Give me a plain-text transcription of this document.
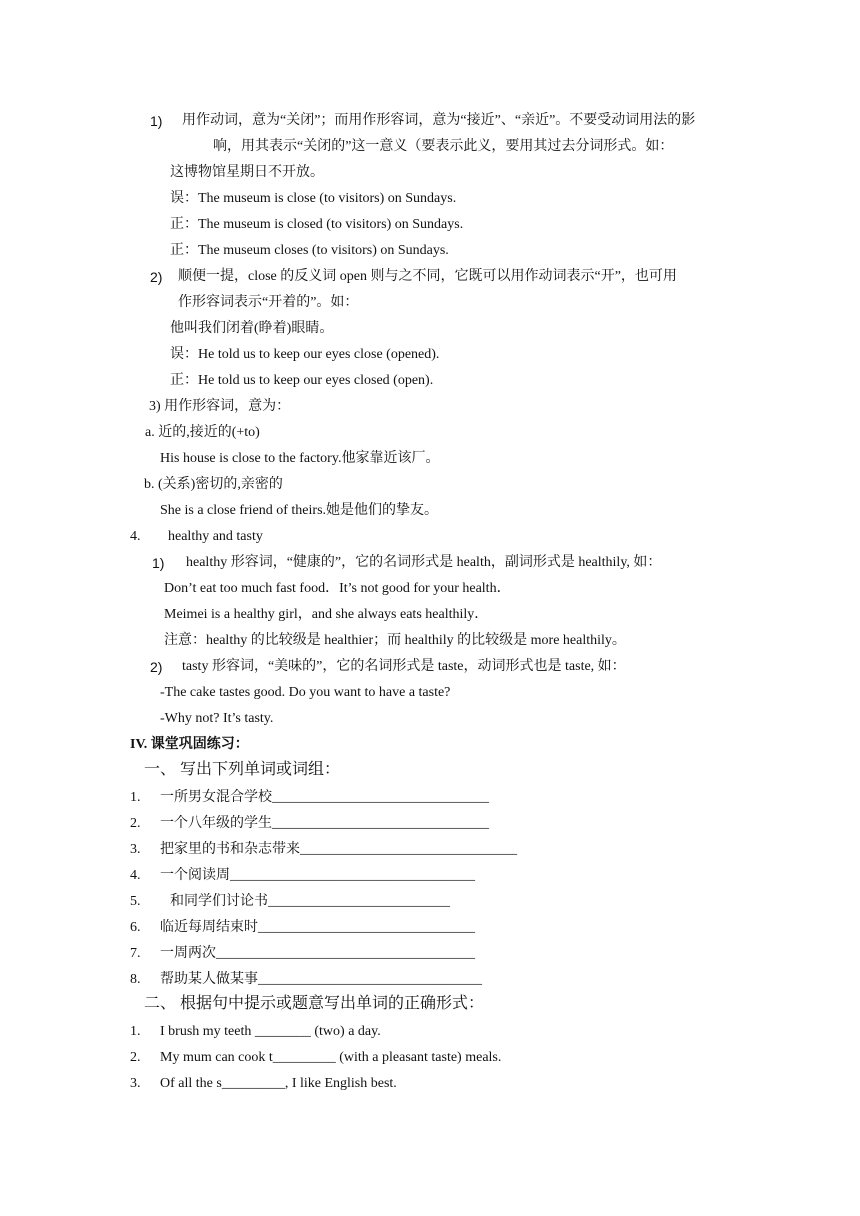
1) 用作动词，意为“关闭”；而用作形容词，意为“接近”、“亲近”。不要受动词用法的影
响，用其表示“关闭的”这一意义（要表示此义，要用其过去分词形式。如：
这博物馆星期日不开放。
误：The museum is close (to visitors) on Sundays.
正：The museum is closed (to visitors) on Sundays.
正：The museum closes (to visitors) on Sundays.
2) 顺便一提，close 的反义词 open 则与之不同，它既可以用作动词表示“开”，也可用
作形容词表示“开着的”。如：
他叫我们闭着(睁着)眼睛。
误：He told us to keep our eyes close (opened).
正：He told us to keep our eyes closed (open).
3) 用作形容词，意为：
a. 近的,接近的(+to)
His house is close to the factory.他家靠近该厂。
b. (关系)密切的,亲密的
She is a close friend of theirs.她是他们的挚友。
4. healthy and tasty
1) healthy 形容词，“健康的”，它的名词形式是 health，副词形式是 healthily, 如：
Don’t eat too much fast food．It’s not good for your health．
Meimei is a healthy girl，and she always eats healthily．
注意：healthy 的比较级是 healthier；而 healthily 的比较级是 more healthily。
2) tasty 形容词，“美味的”，它的名词形式是 taste，动词形式也是 taste, 如：
-The cake tastes good. Do you want to have a taste?
-Why not? It’s tasty.
IV. 课堂巩固练习：
一、 写出下列单词或词组：
1. 一所男女混合学校_______________________________
2. 一个八年级的学生_______________________________
3. 把家里的书和杂志带来_______________________________
4. 一个阅读周___________________________________
5. 和同学们讨论书__________________________
6. 临近每周结束时_______________________________
7. 一周两次_____________________________________
8. 帮助某人做某事________________________________
二、 根据句中提示或题意写出单词的正确形式：
1. I brush my teeth ________ (two) a day.
2. My mum can cook t_________ (with a pleasant taste) meals.
3. Of all the s_________, I like English best.
